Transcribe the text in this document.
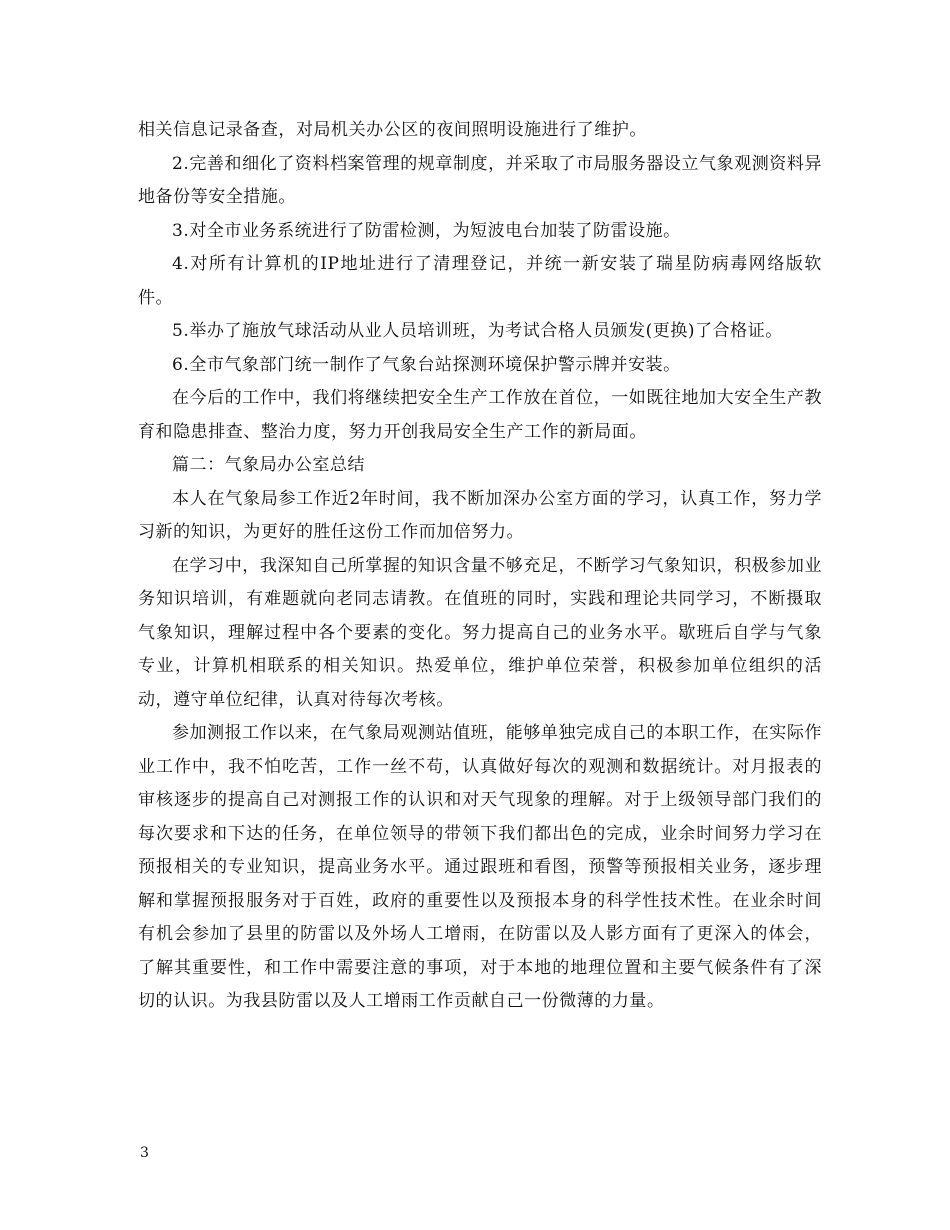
相关信息记录备查，对局机关办公区的夜间照明设施进行了维护。

2.完善和细化了资料档案管理的规章制度，并采取了市局服务器设立气象观测资料异地备份等安全措施。

3.对全市业务系统进行了防雷检测，为短波电台加装了防雷设施。

4.对所有计算机的IP地址进行了清理登记，并统一新安装了瑞星防病毒网络版软件。

5.举办了施放气球活动从业人员培训班，为考试合格人员颁发(更换)了合格证。

6.全市气象部门统一制作了气象台站探测环境保护警示牌并安装。

在今后的工作中，我们将继续把安全生产工作放在首位，一如既往地加大安全生产教育和隐患排查、整治力度，努力开创我局安全生产工作的新局面。

篇二：气象局办公室总结

本人在气象局参工作近2年时间，我不断加深办公室方面的学习，认真工作，努力学习新的知识，为更好的胜任这份工作而加倍努力。

在学习中，我深知自己所掌握的知识含量不够充足，不断学习气象知识，积极参加业务知识培训，有难题就向老同志请教。在值班的同时，实践和理论共同学习，不断摄取气象知识，理解过程中各个要素的变化。努力提高自己的业务水平。歇班后自学与气象专业，计算机相联系的相关知识。热爱单位，维护单位荣誉，积极参加单位组织的活动，遵守单位纪律，认真对待每次考核。

参加测报工作以来，在气象局观测站值班，能够单独完成自己的本职工作，在实际作业工作中，我不怕吃苦，工作一丝不苟，认真做好每次的观测和数据统计。对月报表的审核逐步的提高自己对测报工作的认识和对天气现象的理解。对于上级领导部门我们的每次要求和下达的任务，在单位领导的带领下我们都出色的完成，业余时间努力学习在预报相关的专业知识，提高业务水平。通过跟班和看图，预警等预报相关业务，逐步理解和掌握预报服务对于百姓，政府的重要性以及预报本身的科学性技术性。在业余时间有机会参加了县里的防雷以及外场人工增雨，在防雷以及人影方面有了更深入的体会，了解其重要性，和工作中需要注意的事项，对于本地的地理位置和主要气候条件有了深切的认识。为我县防雷以及人工增雨工作贡献自己一份微薄的力量。

3
